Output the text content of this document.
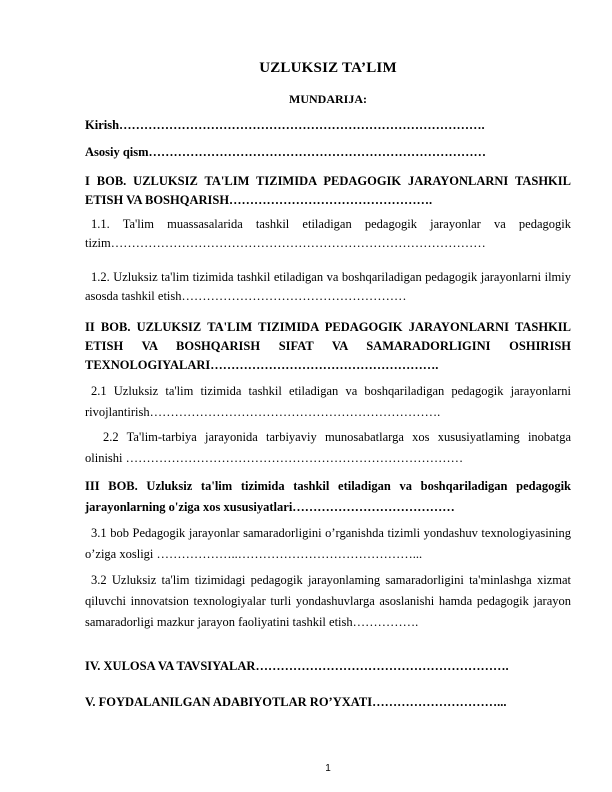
UZLUKSIZ TA’LIM
MUNDARIJA:
Kirish…………………………………………………………………………….
Asosiy qism………………………………………………………………………
I BOB. UZLUKSIZ TA'LIM TIZIMIDA PEDAGOGIK JARAYONLARNI TASHKIL ETISH VA BOSHQARISH………………………………………….
1.1. Ta'lim muassasalarida tashkil etiladigan pedagogik jarayonlar va pedagogik tizim………………………………………………………………………………
1.2. Uzluksiz ta'lim tizimida tashkil etiladigan va boshqariladigan pedagogik jarayonlarni ilmiy asosda tashkil etish………………………………………………
II BOB. UZLUKSIZ TA'LIM TIZIMIDA PEDAGOGIK JARAYONLARNI TASHKIL ETISH VA BOSHQARISH SIFAT VA SAMARADORLIGINI OSHIRISH TEXNOLOGIYALARI……………………………………………….
2.1 Uzluksiz ta'lim tizimida tashkil etiladigan va boshqariladigan pedagogik jarayonlarni rivojlantirish…………………………………………………………….
2.2 Ta'lim-tarbiya jarayonida tarbiyaviy munosabatlarga xos xususiyatlaming inobatga olinishi ………………………………………………………………………
III BOB. Uzluksiz ta'lim tizimida tashkil etiladigan va boshqariladigan pedagogik jarayonlarning o'ziga xos xususiyatlari…………………………………
3.1 bob Pedagogik jarayonlar samaradorligini o’rganishda tizimli yondashuv texnologiyasining o’ziga xosligi ………………..……………………………………...
3.2 Uzluksiz ta'lim tizimidagi pedagogik jarayonlaming samaradorligini ta'minlashga xizmat qiluvchi innovatsion texnologiyalar turli yondashuvlarga asoslanishi hamda pedagogik jarayon samaradorligi mazkur jarayon faoliyatini tashkil etish…………….
IV. XULOSA VA TAVSIYALAR…………………………………………………….
V. FOYDALANILGAN ADABIYOTLAR RO’YXATI…………………………...
1
